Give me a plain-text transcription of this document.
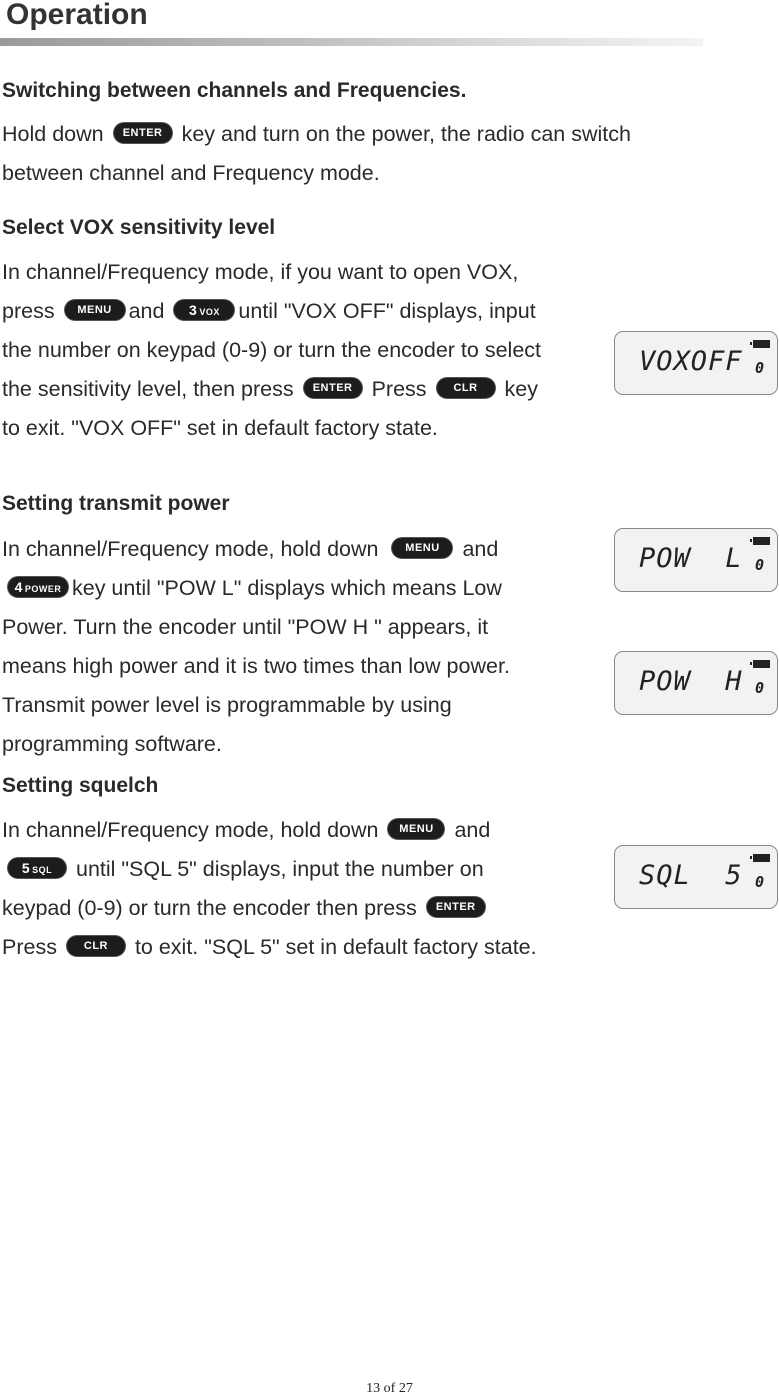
Operation
Switching between channels and Frequencies.
Hold down ENTER key and turn on the power, the radio can switch
between channel and Frequency mode.
Select VOX sensitivity level
In channel/Frequency mode, if you want to open VOX,
press MENU and 3 VOX until "VOX OFF" displays, input
the number on keypad (0-9) or turn the encoder to select
the sensitivity level, then press ENTER Press CLR key
to exit. "VOX OFF" set in default factory state.
VOXOFF 0
Setting transmit power
In channel/Frequency mode, hold down MENU and
4 POWER key until "POW L" displays which means Low
Power. Turn the encoder until "POW H " appears, it
means high power and it is two times than low power.
Transmit power level is programmable by using
programming software.
POW  L 0
POW  H 0
Setting squelch
In channel/Frequency mode, hold down MENU and
5 SQL until "SQL 5" displays, input the number on
keypad (0-9) or turn the encoder then press ENTER
Press CLR to exit. "SQL 5" set in default factory state.
SQL  5 0
13 of 27
